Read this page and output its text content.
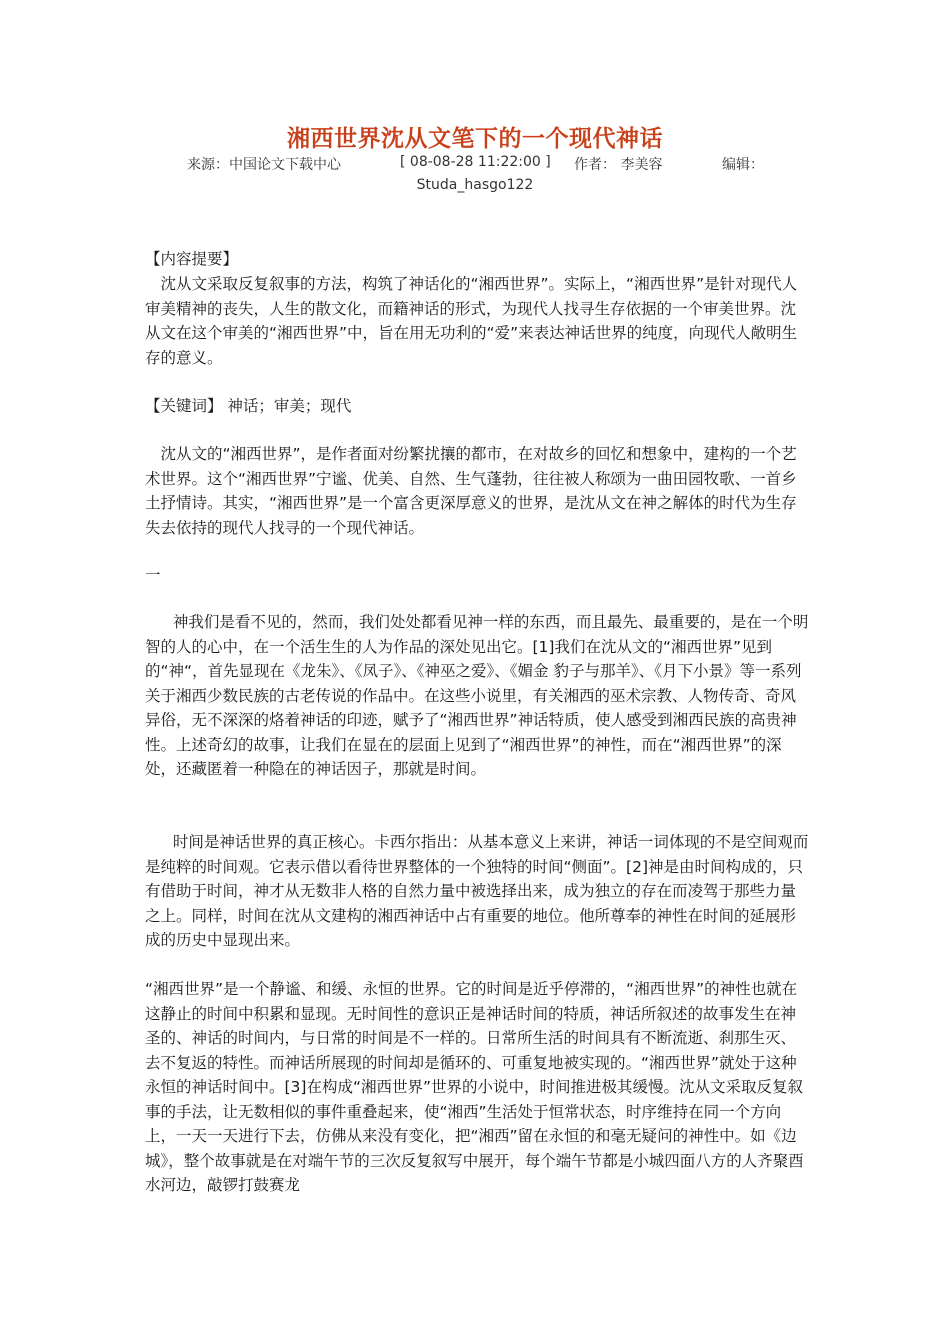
湘西世界沈从文笔下的一个现代神话
来源：中国论文下载中心	[ 08-08-28 11:22:00 ] 作者： 李美容	编辑：
Studa_hasgo122
【内容提要】

沈从文采取反复叙事的方法，构筑了神话化的“湘西世界”。实际上，“湘西世界”是针对现代人审美精神的丧失，人生的散文化，而籍神话的形式，为现代人找寻生存依据的一个审美世界。沈从文在这个审美的“湘西世界”中，旨在用无功利的“爱”来表达神话世界的纯度，向现代人敞明生存的意义。

【关键词】 神话；审美；现代

沈从文的“湘西世界”，是作者面对纷繁扰攘的都市，在对故乡的回忆和想象中，建构的一个艺术世界。这个“湘西世界”宁谧、优美、自然、生气蓬勃，往往被人称颂为一曲田园牧歌、一首乡土抒情诗。其实，“湘西世界”是一个富含更深厚意义的世界，是沈从文在神之解体的时代为生存失去依持的现代人找寻的一个现代神话。

一

神我们是看不见的，然而，我们处处都看见神一样的东西，而且最先、最重要的，是在一个明智的人的心中，在一个活生生的人为作品的深处见出它。[1]我们在沈从文的“湘西世界”见到的“神“，首先显现在《龙朱》、《凤子》、《神巫之爱》、《媚金 豹子与那羊》、《月下小景》等一系列关于湘西少数民族的古老传说的作品中。在这些小说里，有关湘西的巫术宗教、人物传奇、奇风异俗，无不深深的烙着神话的印迹，赋予了“湘西世界”神话特质，使人感受到湘西民族的高贵神性。上述奇幻的故事，让我们在显在的层面上见到了“湘西世界”的神性，而在“湘西世界”的深处，还藏匿着一种隐在的神话因子，那就是时间。

时间是神话世界的真正核心。卡西尔指出：从基本意义上来讲，神话一词体现的不是空间观而是纯粹的时间观。它表示借以看待世界整体的一个独特的时间“侧面”。[2]神是由时间构成的，只有借助于时间，神才从无数非人格的自然力量中被选择出来，成为独立的存在而凌驾于那些力量之上。同样，时间在沈从文建构的湘西神话中占有重要的地位。他所尊奉的神性在时间的延展形成的历史中显现出来。

“湘西世界”是一个静谧、和缓、永恒的世界。它的时间是近乎停滞的，“湘西世界”的神性也就在这静止的时间中积累和显现。无时间性的意识正是神话时间的特质，神话所叙述的故事发生在神圣的、神话的时间内，与日常的时间是不一样的。日常所生活的时间具有不断流逝、刹那生灭、去不复返的特性。而神话所展现的时间却是循环的、可重复地被实现的。“湘西世界”就处于这种永恒的神话时间中。[3]在构成“湘西世界”世界的小说中，时间推进极其缓慢。沈从文采取反复叙事的手法，让无数相似的事件重叠起来，使“湘西”生活处于恒常状态，时序维持在同一个方向上，一天一天进行下去，仿佛从来没有变化，把“湘西”留在永恒的和毫无疑问的神性中。如《边城》，整个故事就是在对端午节的三次反复叙写中展开，每个端午节都是小城四面八方的人齐聚酉水河边，敲锣打鼓赛龙
